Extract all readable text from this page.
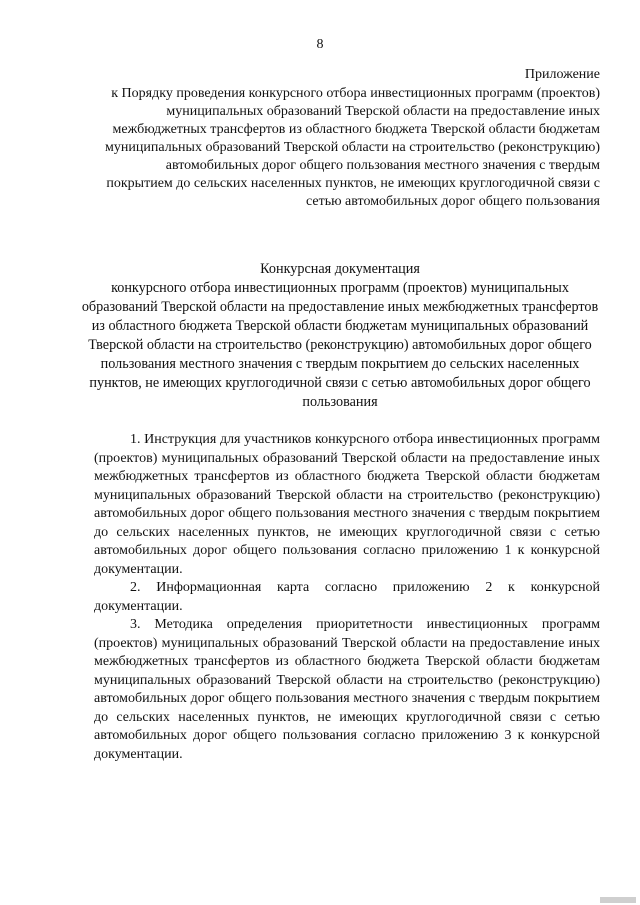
8
Приложение
к Порядку проведения конкурсного отбора инвестиционных программ (проектов) муниципальных образований Тверской области на предоставление иных межбюджетных трансфертов из областного бюджета Тверской области бюджетам муниципальных образований Тверской области на строительство (реконструкцию) автомобильных дорог общего пользования местного значения с твердым покрытием до сельских населенных пунктов, не имеющих круглогодичной связи с сетью автомобильных дорог общего пользования
Конкурсная документация
конкурсного отбора инвестиционных программ (проектов) муниципальных образований Тверской области на предоставление иных межбюджетных трансфертов из областного бюджета Тверской области бюджетам муниципальных образований Тверской области на строительство (реконструкцию) автомобильных дорог общего пользования местного значения с твердым покрытием до сельских населенных пунктов, не имеющих круглогодичной связи с сетью автомобильных дорог общего пользования

1. Инструкция для участников конкурсного отбора инвестиционных программ (проектов) муниципальных образований Тверской области на предоставление иных межбюджетных трансфертов из областного бюджета Тверской области бюджетам муниципальных образований Тверской области на строительство (реконструкцию) автомобильных дорог общего пользования местного значения с твердым покрытием до сельских населенных пунктов, не имеющих круглогодичной связи с сетью автомобильных дорог общего пользования согласно приложению 1 к конкурсной документации.

2. Информационная карта согласно приложению 2 к конкурсной документации.

3. Методика определения приоритетности инвестиционных программ (проектов) муниципальных образований Тверской области на предоставление иных межбюджетных трансфертов из областного бюджета Тверской области бюджетам муниципальных образований Тверской области на строительство (реконструкцию) автомобильных дорог общего пользования местного значения с твердым покрытием до сельских населенных пунктов, не имеющих круглогодичной связи с сетью автомобильных дорог общего пользования согласно приложению 3 к конкурсной документации.
